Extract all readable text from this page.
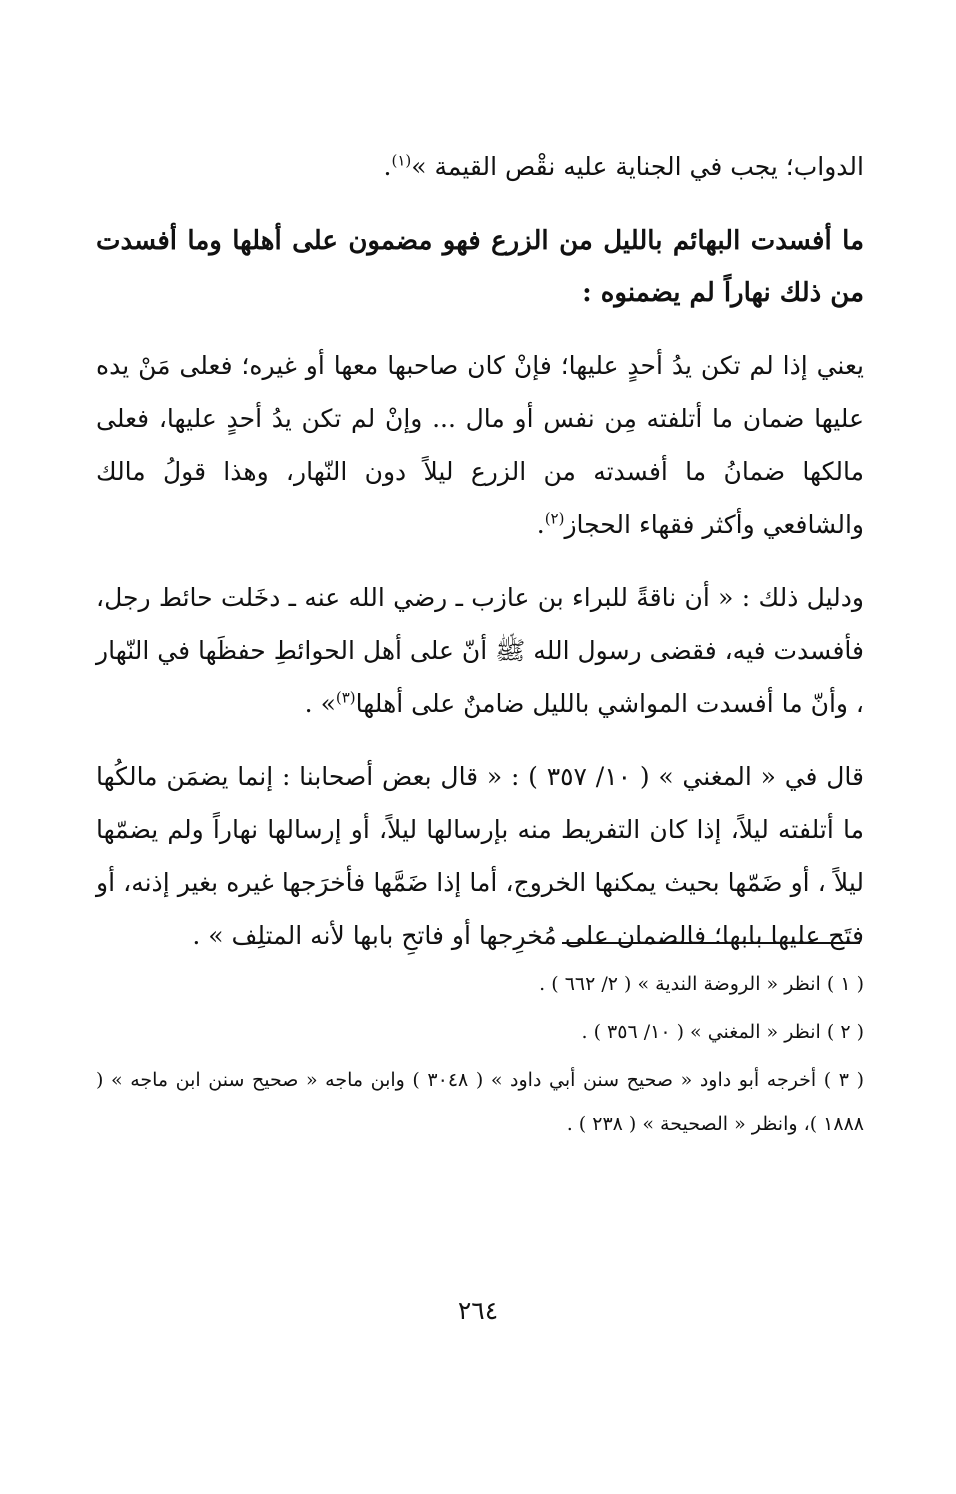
الدواب؛ يجب في الجناية عليه نقْص القيمة »$^{(١)}$.

ما أفسدت البهائم بالليل من الزرع فهو مضمون على أهلها وما أفسدت من ذلك نهاراً لم يضمنوه :

يعني إذا لم تكن يدُ أحدٍ عليها؛ فإنْ كان صاحبها معها أو غيره؛ فعلى مَنْ يده عليها ضمان ما أتلفته مِن نفس أو مال ... وإنْ لم تكن يدُ أحدٍ عليها، فعلى مالكها ضمانُ ما أفسدته من الزرع ليلاً دون النّهار، وهذا قولُ مالك والشافعي وأكثر فقهاء الحجاز$^{(٢)}$.

ودليل ذلك : « أن ناقةً للبراء بن عازب ـ رضي الله عنه ـ دخَلت حائط رجل، فأفسدت فيه، فقضى رسول الله ﷺ أنّ على أهل الحوائطِ حفظَها في النّهار ، وأنّ ما أفسدت المواشي بالليل ضامنٌ على أهلها$^{(٣)}$» .

قال في « المغني » ( ١٠/ ٣٥٧ ) : « قال بعض أصحابنا : إنما يضمَن مالكُها ما أتلفته ليلاً، إذا كان التفريط منه بإرسالها ليلاً، أو إرسالها نهاراً ولم يضمّها ليلاً ، أو ضَمّها بحيث يمكنها الخروج، أما إذا ضَمَّها فأخرَجها غيره بغير إذنه، أو فتَح عليها بابها؛ فالضمان على مُخرِجها أو فاتحِ بابها لأنه المتلِف » .

( ١ ) انظر « الروضة الندية » ( ٢/ ٦٦٢ ) .

( ٢ ) انظر « المغني » ( ١٠/ ٣٥٦ ) .

( ٣ ) أخرجه أبو داود « صحيح سنن أبي داود » ( ٣٠٤٨ ) وابن ماجه « صحيح سنن ابن ماجه » ( ١٨٨٨ )، وانظر « الصحيحة » ( ٢٣٨ ) .

٢٦٤
